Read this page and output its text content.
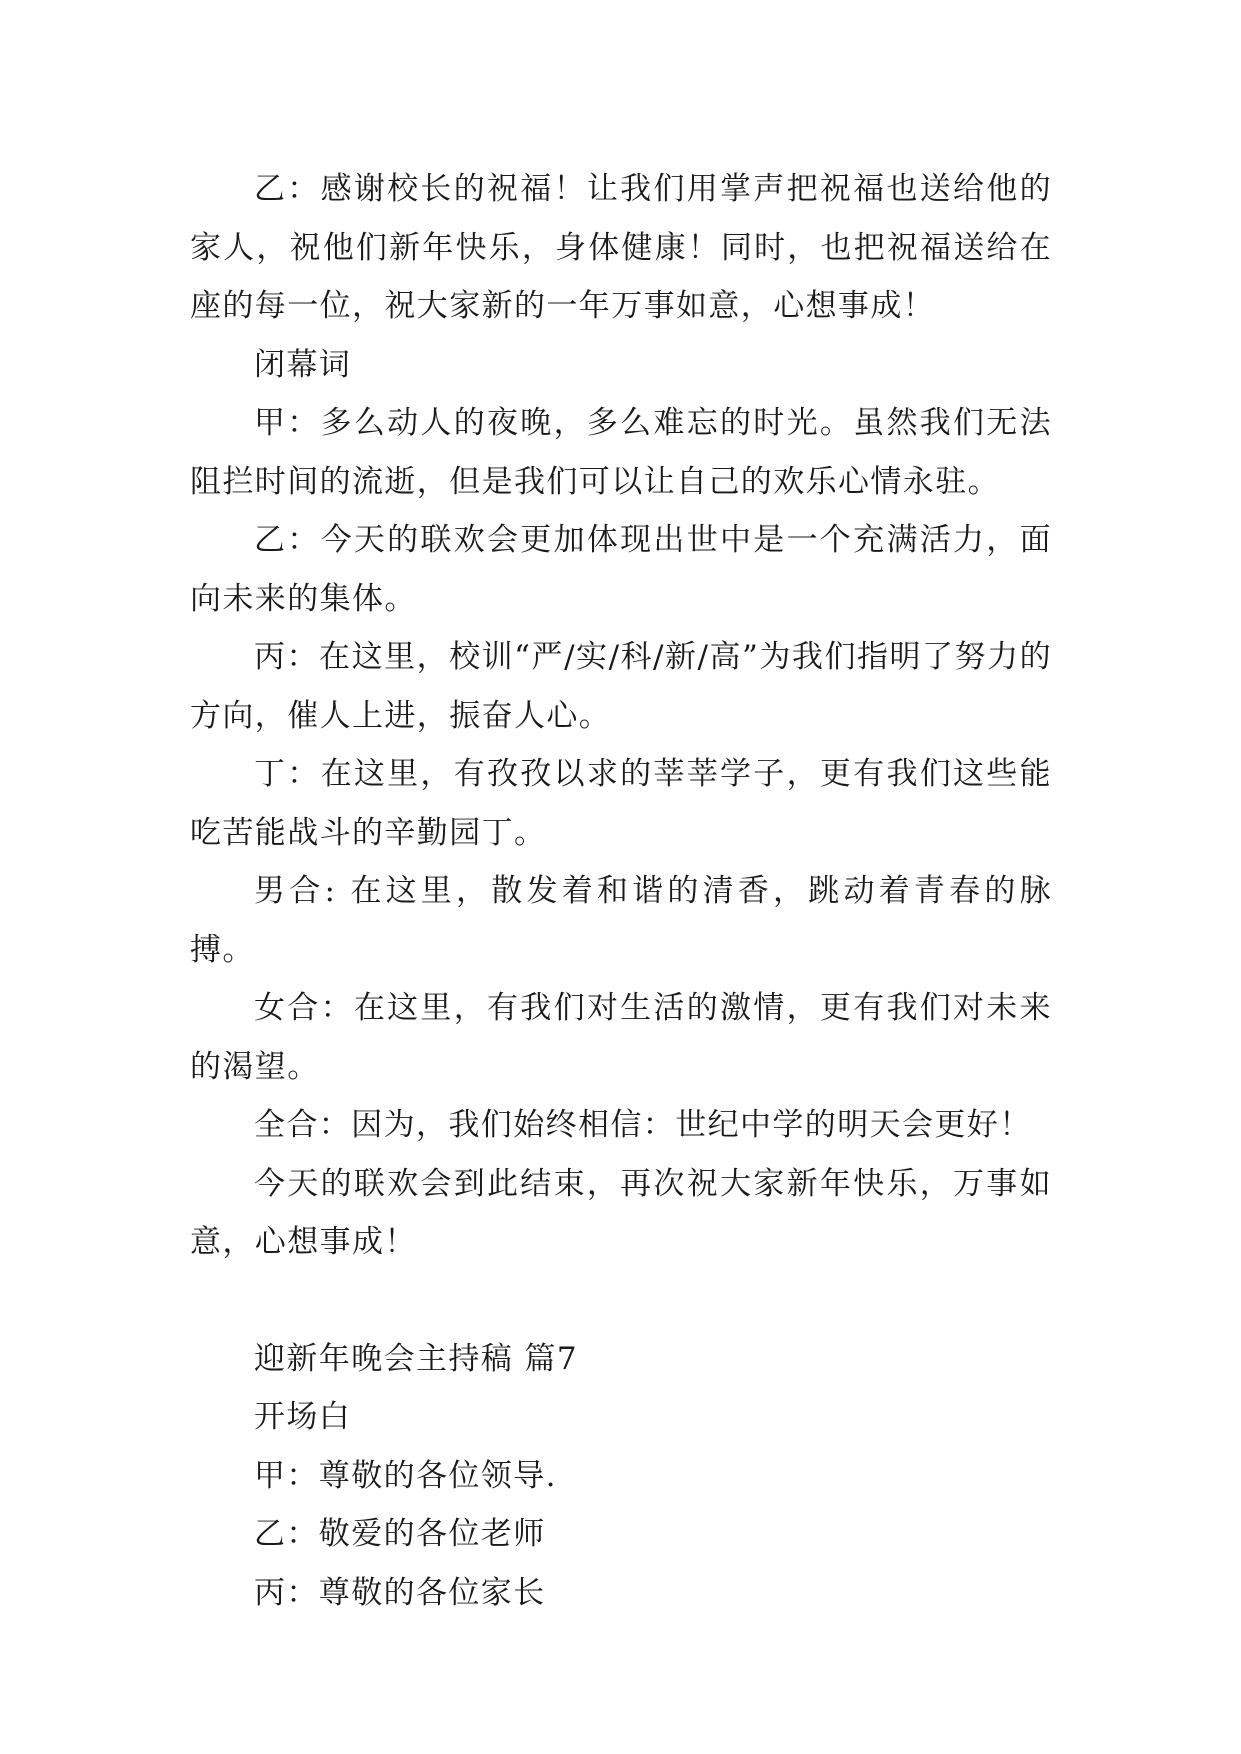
乙：感谢校长的祝福！让我们用掌声把祝福也送给他的家人，祝他们新年快乐，身体健康！同时，也把祝福送给在座的每一位，祝大家新的一年万事如意，心想事成！

闭幕词

甲：多么动人的夜晚，多么难忘的时光。虽然我们无法阻拦时间的流逝，但是我们可以让自己的欢乐心情永驻。

乙：今天的联欢会更加体现出世中是一个充满活力，面向未来的集体。

丙：在这里，校训“严/实/科/新/高”为我们指明了努力的方向，催人上进，振奋人心。

丁：在这里，有孜孜以求的莘莘学子，更有我们这些能吃苦能战斗的辛勤园丁。

男合: 在这里，散发着和谐的清香，跳动着青春的脉搏。

女合：在这里，有我们对生活的激情，更有我们对未来的渴望。

全合：因为，我们始终相信：世纪中学的明天会更好！

今天的联欢会到此结束，再次祝大家新年快乐，万事如意，心想事成！

迎新年晚会主持稿 篇7

开场白

甲：尊敬的各位领导.

乙：敬爱的各位老师

丙：尊敬的各位家长
